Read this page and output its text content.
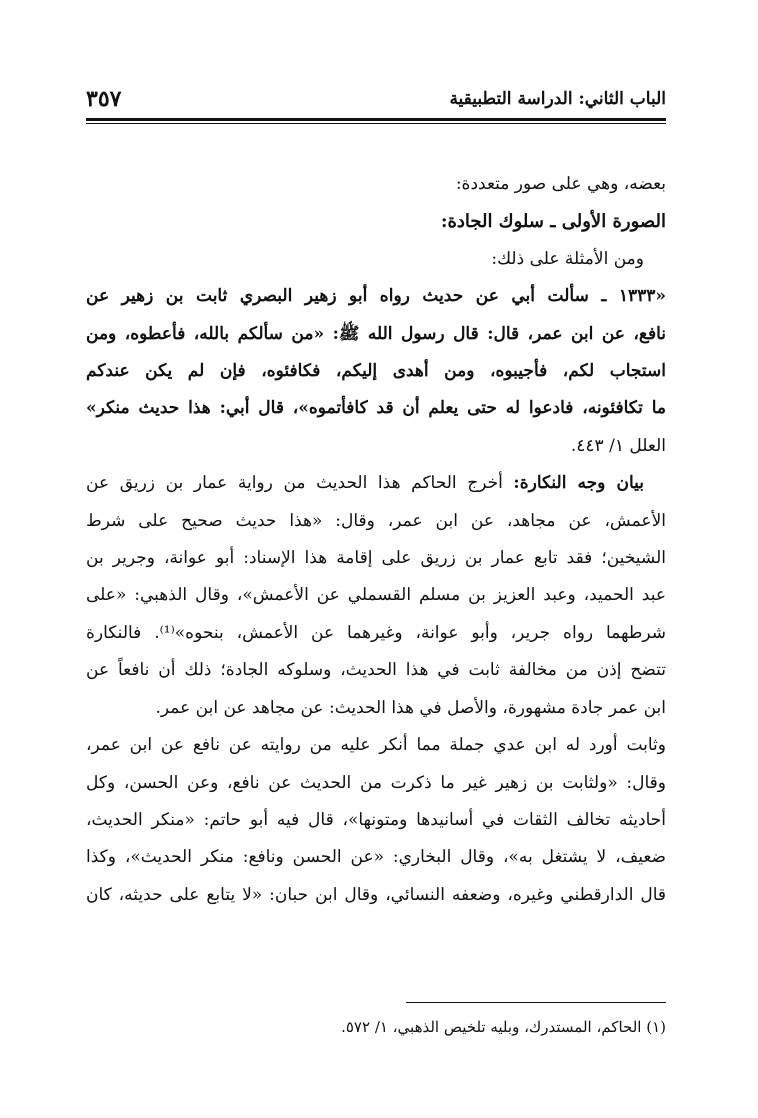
الباب الثاني: الدراسة التطبيقية
٣٥٧
بعضه، وهي على صور متعددة:
الصورة الأولى ـ سلوك الجادة:
ومن الأمثلة على ذلك:
«١٣٣٣ ـ سألت أبي عن حديث رواه أبو زهير البصري ثابت بن زهير عن
نافع، عن ابن عمر، قال: قال رسول الله ﷺ: «من سألكم بالله، فأعطوه، ومن
استجاب لكم، فأجيبوه، ومن أهدى إليكم، فكافئوه، فإن لم يكن عندكم
ما تكافئونه، فادعوا له حتى يعلم أن قد كافأتموه»، قال أبي: هذا حديث منكر»
العلل ١/ ٤٤٣.
بيان وجه النكارة: أخرج الحاكم هذا الحديث من رواية عمار بن زريق عن
الأعمش، عن مجاهد، عن ابن عمر، وقال: «هذا حديث صحيح على شرط
الشيخين؛ فقد تابع عمار بن زريق على إقامة هذا الإسناد: أبو عوانة، وجرير بن
عبد الحميد، وعبد العزيز بن مسلم القسملي عن الأعمش»، وقال الذهبي: «على
شرطهما رواه جرير، وأبو عوانة، وغيرهما عن الأعمش، بنحوه»⁽¹⁾. فالنكارة
تتضح إذن من مخالفة ثابت في هذا الحديث، وسلوكه الجادة؛ ذلك أن نافعاً عن
ابن عمر جادة مشهورة، والأصل في هذا الحديث: عن مجاهد عن ابن عمر.
وثابت أورد له ابن عدي جملة مما أنكر عليه من روايته عن نافع عن ابن عمر،
وقال: «ولثابت بن زهير غير ما ذكرت من الحديث عن نافع، وعن الحسن، وكل
أحاديثه تخالف الثقات في أسانيدها ومتونها»، قال فيه أبو حاتم: «منكر الحديث،
ضعيف، لا يشتغل به»، وقال البخاري: «عن الحسن ونافع: منكر الحديث»، وكذا
قال الدارقطني وغيره، وضعفه النسائي، وقال ابن حبان: «لا يتابع على حديثه، كان
(١) الحاكم، المستدرك، وبليه تلخيص الذهبي، ١/ ٥٧٢.
